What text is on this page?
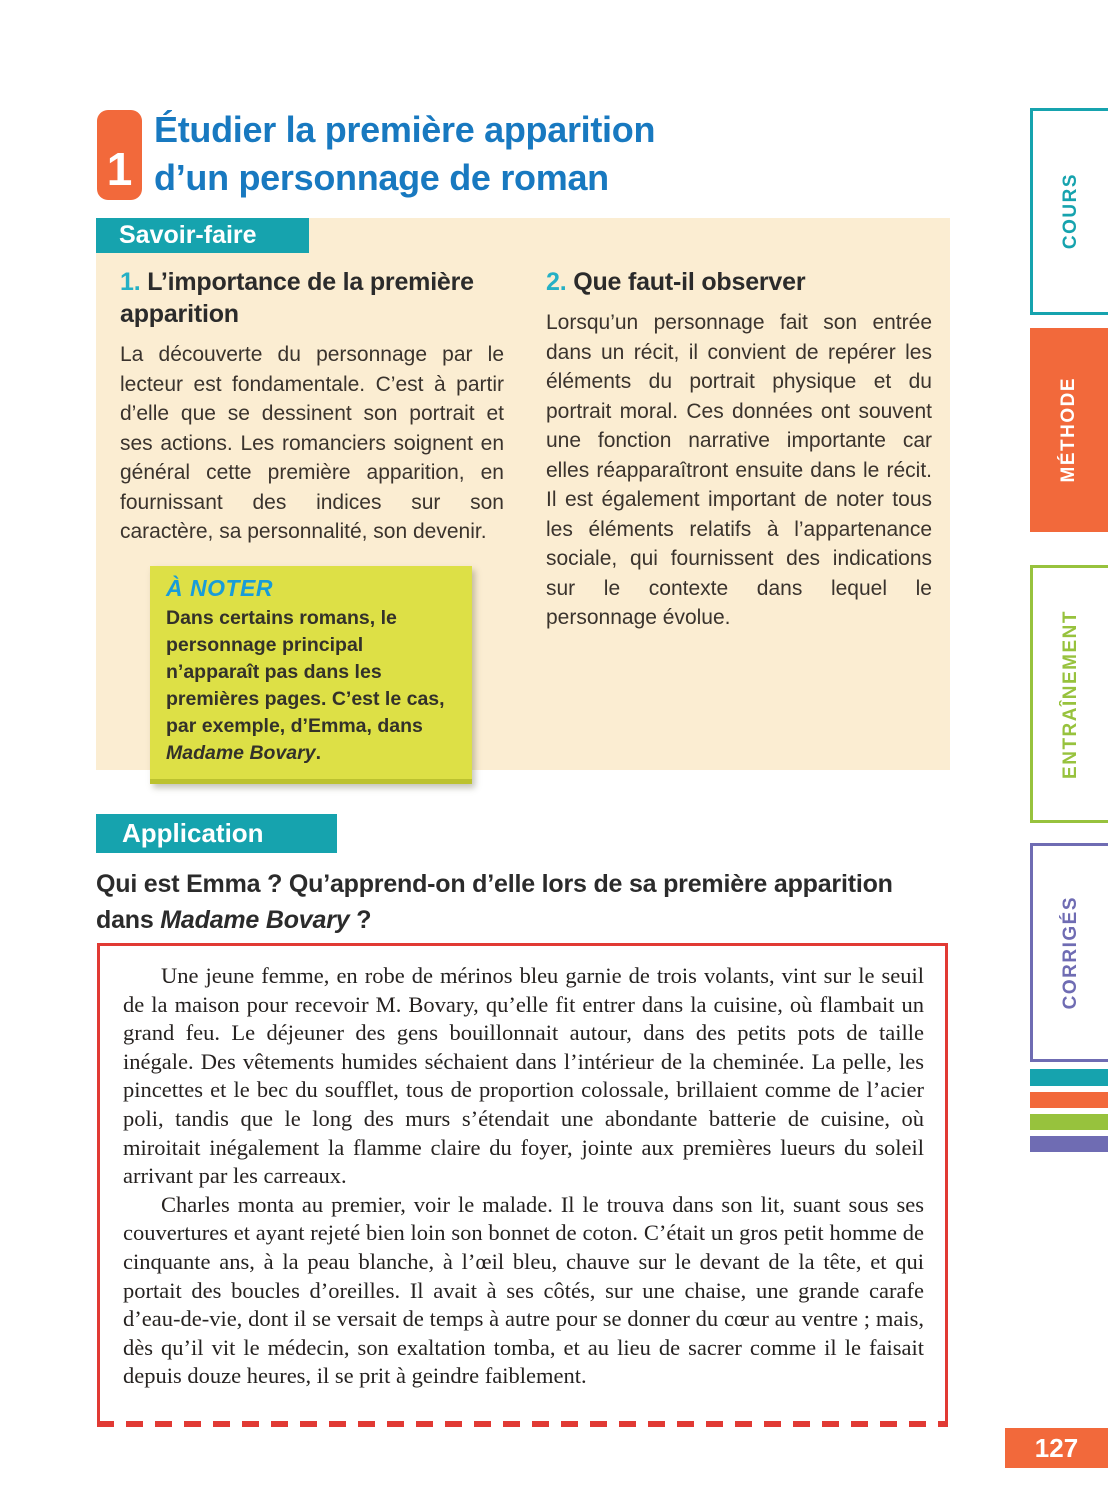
1
Étudier la première apparition
d’un personnage de roman
Savoir-faire

1. L’importance de la première apparition

La découverte du personnage par le lecteur est fondamentale. C’est à partir d’elle que se dessinent son portrait et ses actions. Les romanciers soignent en général cette première apparition, en fournissant des indices sur son caractère, sa personnalité, son devenir.

À NOTER
Dans certains romans, le personnage principal n’apparaît pas dans les premières pages. C’est le cas, par exemple, d’Emma, dans Madame Bovary.

2. Que faut-il observer

Lorsqu’un personnage fait son entrée dans un récit, il convient de repérer les éléments du portrait physique et du portrait moral. Ces données ont souvent une fonction narrative importante car elles réapparaîtront ensuite dans le récit. Il est également important de noter tous les éléments relatifs à l’appartenance sociale, qui fournissent des indications sur le contexte dans lequel le personnage évolue.

Application
Qui est Emma ? Qu’apprend-on d’elle lors de sa première apparition dans Madame Bovary ?

Une jeune femme, en robe de mérinos bleu garnie de trois volants, vint sur le seuil de la maison pour recevoir M. Bovary, qu’elle fit entrer dans la cuisine, où flambait un grand feu. Le déjeuner des gens bouillonnait autour, dans des petits pots de taille inégale. Des vêtements humides séchaient dans l’intérieur de la cheminée. La pelle, les pincettes et le bec du soufflet, tous de proportion colossale, brillaient comme de l’acier poli, tandis que le long des murs s’étendait une abondante batterie de cuisine, où miroitait inégalement la flamme claire du foyer, jointe aux premières lueurs du soleil arrivant par les carreaux.

Charles monta au premier, voir le malade. Il le trouva dans son lit, suant sous ses couvertures et ayant rejeté bien loin son bonnet de coton. C’était un gros petit homme de cinquante ans, à la peau blanche, à l’œil bleu, chauve sur le devant de la tête, et qui portait des boucles d’oreilles. Il avait à ses côtés, sur une chaise, une grande carafe d’eau-de-vie, dont il se versait de temps à autre pour se donner du cœur au ventre ; mais, dès qu’il vit le médecin, son exaltation tomba, et au lieu de sacrer comme il le faisait depuis douze heures, il se prit à geindre faiblement.

COURS
MÉTHODE
ENTRAÎNEMENT
CORRIGÉS
127
